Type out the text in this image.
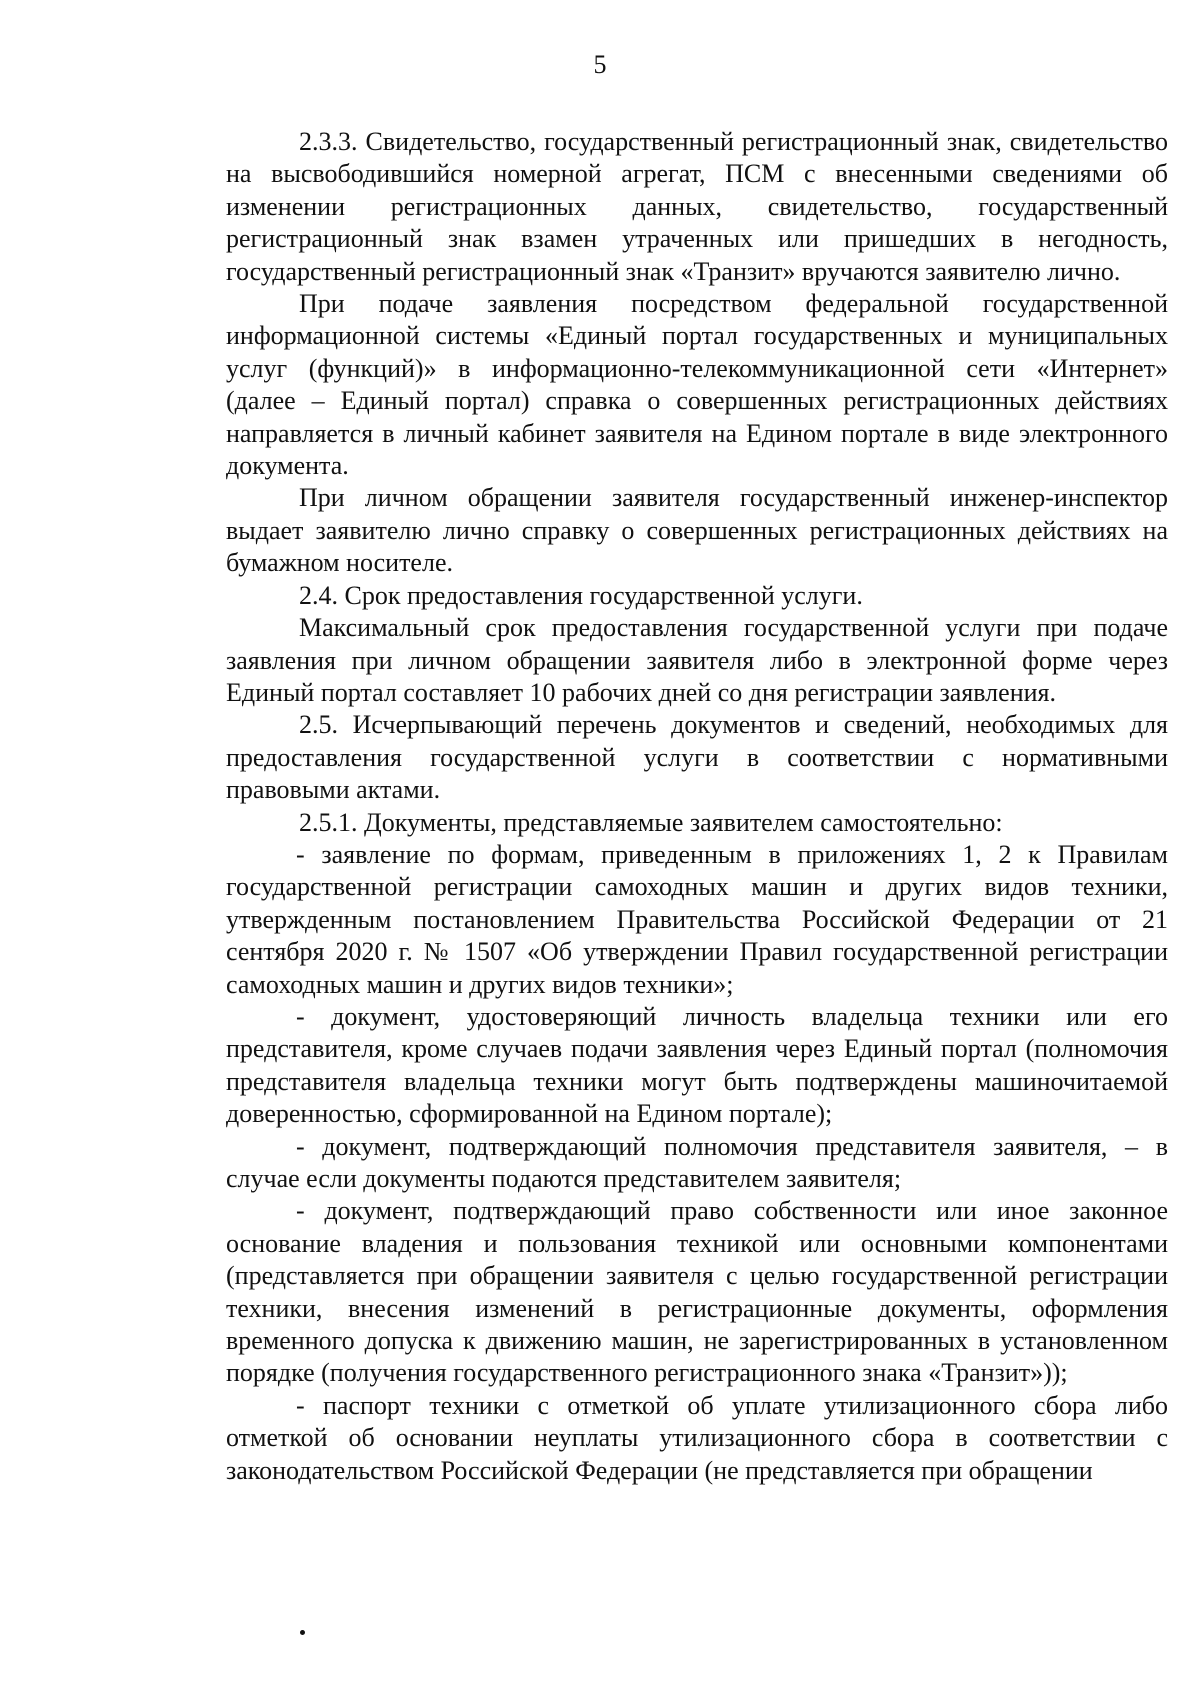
5

2.3.3. Свидетельство, государственный регистрационный знак, свидетельство на высвободившийся номерной агрегат, ПСМ с внесенными сведениями об изменении регистрационных данных, свидетельство, государственный регистрационный знак взамен утраченных или пришедших в негодность, государственный регистрационный знак «Транзит» вручаются заявителю лично.

При подаче заявления посредством федеральной государственной информационной системы «Единый портал государственных и муниципальных услуг (функций)» в информационно-телекоммуникационной сети «Интернет» (далее – Единый портал) справка о совершенных регистрационных действиях направляется в личный кабинет заявителя на Едином портале в виде электронного документа.

При личном обращении заявителя государственный инженер-инспектор выдает заявителю лично справку о совершенных регистрационных действиях на бумажном носителе.

2.4. Срок предоставления государственной услуги.

Максимальный срок предоставления государственной услуги при подаче заявления при личном обращении заявителя либо в электронной форме через Единый портал составляет 10 рабочих дней со дня регистрации заявления.

2.5. Исчерпывающий перечень документов и сведений, необходимых для предоставления государственной услуги в соответствии с нормативными правовыми актами.

2.5.1. Документы, представляемые заявителем самостоятельно:

- заявление по формам, приведенным в приложениях 1, 2 к Правилам государственной регистрации самоходных машин и других видов техники, утвержденным постановлением Правительства Российской Федерации от 21 сентября 2020 г. № 1507 «Об утверждении Правил государственной регистрации самоходных машин и других видов техники»;

- документ, удостоверяющий личность владельца техники или его представителя, кроме случаев подачи заявления через Единый портал (полномочия представителя владельца техники могут быть подтверждены машиночитаемой доверенностью, сформированной на Едином портале);

- документ, подтверждающий полномочия представителя заявителя, – в случае если документы подаются представителем заявителя;

- документ, подтверждающий право собственности или иное законное основание владения и пользования техникой или основными компонентами (представляется при обращении заявителя с целью государственной регистрации техники, внесения изменений в регистрационные документы, оформления временного допуска к движению машин, не зарегистрированных в установленном порядке (получения государственного регистрационного знака «Транзит»));

- паспорт техники с отметкой об уплате утилизационного сбора либо отметкой об основании неуплаты утилизационного сбора в соответствии с законодательством Российской Федерации (не представляется при обращении
